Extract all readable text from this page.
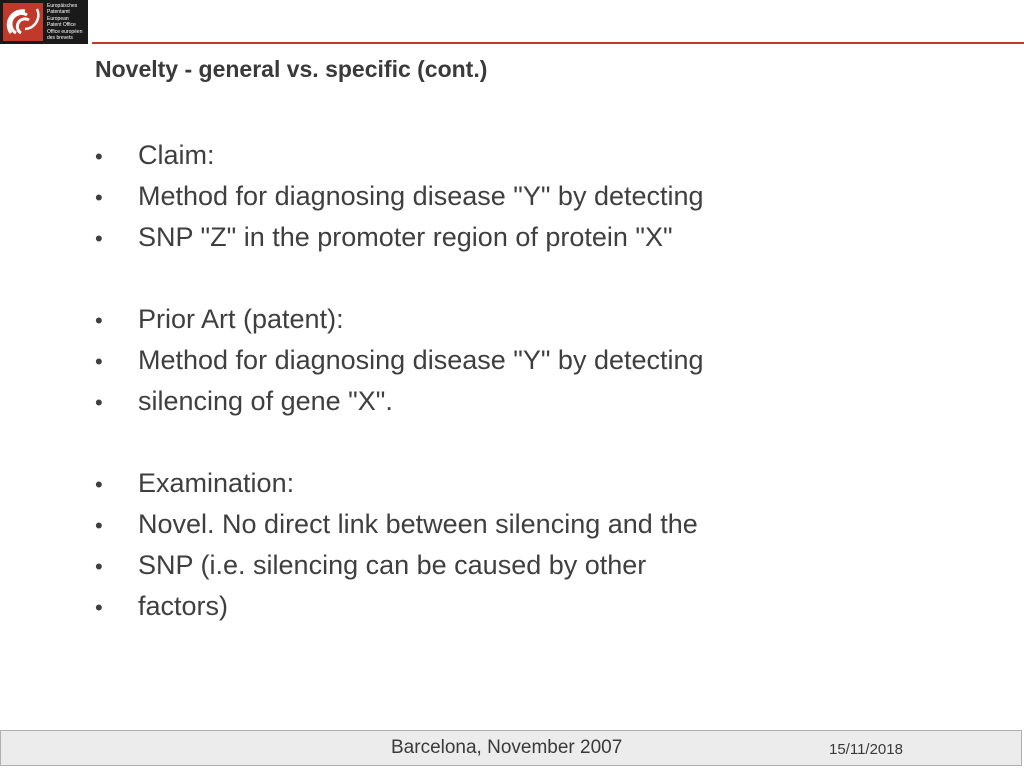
Europäisches
Patentamt
European
Patent Office
Office européen
des brevets
Novelty - general vs. specific (cont.)
•	Claim:
•	Method for diagnosing disease "Y" by detecting
•	SNP "Z" in the promoter region of protein "X"
•	Prior Art (patent):
•	Method for diagnosing disease "Y" by detecting
•	silencing of gene "X".
•	Examination:
•	Novel. No direct link between silencing and the
•	SNP (i.e. silencing can be caused by other
•	factors)
Barcelona, November 2007	15/11/2018
